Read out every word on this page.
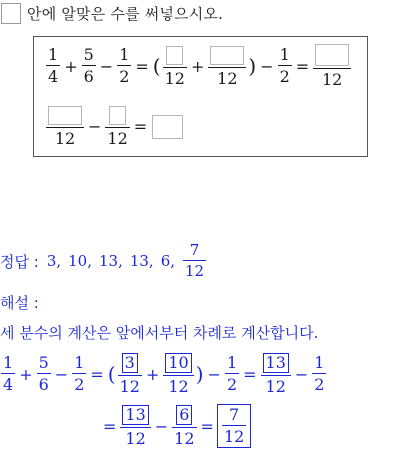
안에 알맞은 수를 써넣으시오.
$\frac{1}{4} + \frac{5}{6} - \frac{1}{2}$ = ( 12
+
12 ) − $\frac{1}{2}$ =
12
12
−
12
=
정답 : 3, 10, 13, 13, 6, $\frac{7}{12}$
해설 :
세 분수의 계산은 앞에서부터 차례로 계산합니다.
$\frac{1}{4} + \frac{5}{6} - \frac{1}{2}$ = ( $\frac{3}{12} + \frac{10}{12}$ ) − $\frac{1}{2} = \frac{13}{12} - \frac{1}{2}$
= $\frac{13}{12} - \frac{6}{12} = \frac{7}{12}$
